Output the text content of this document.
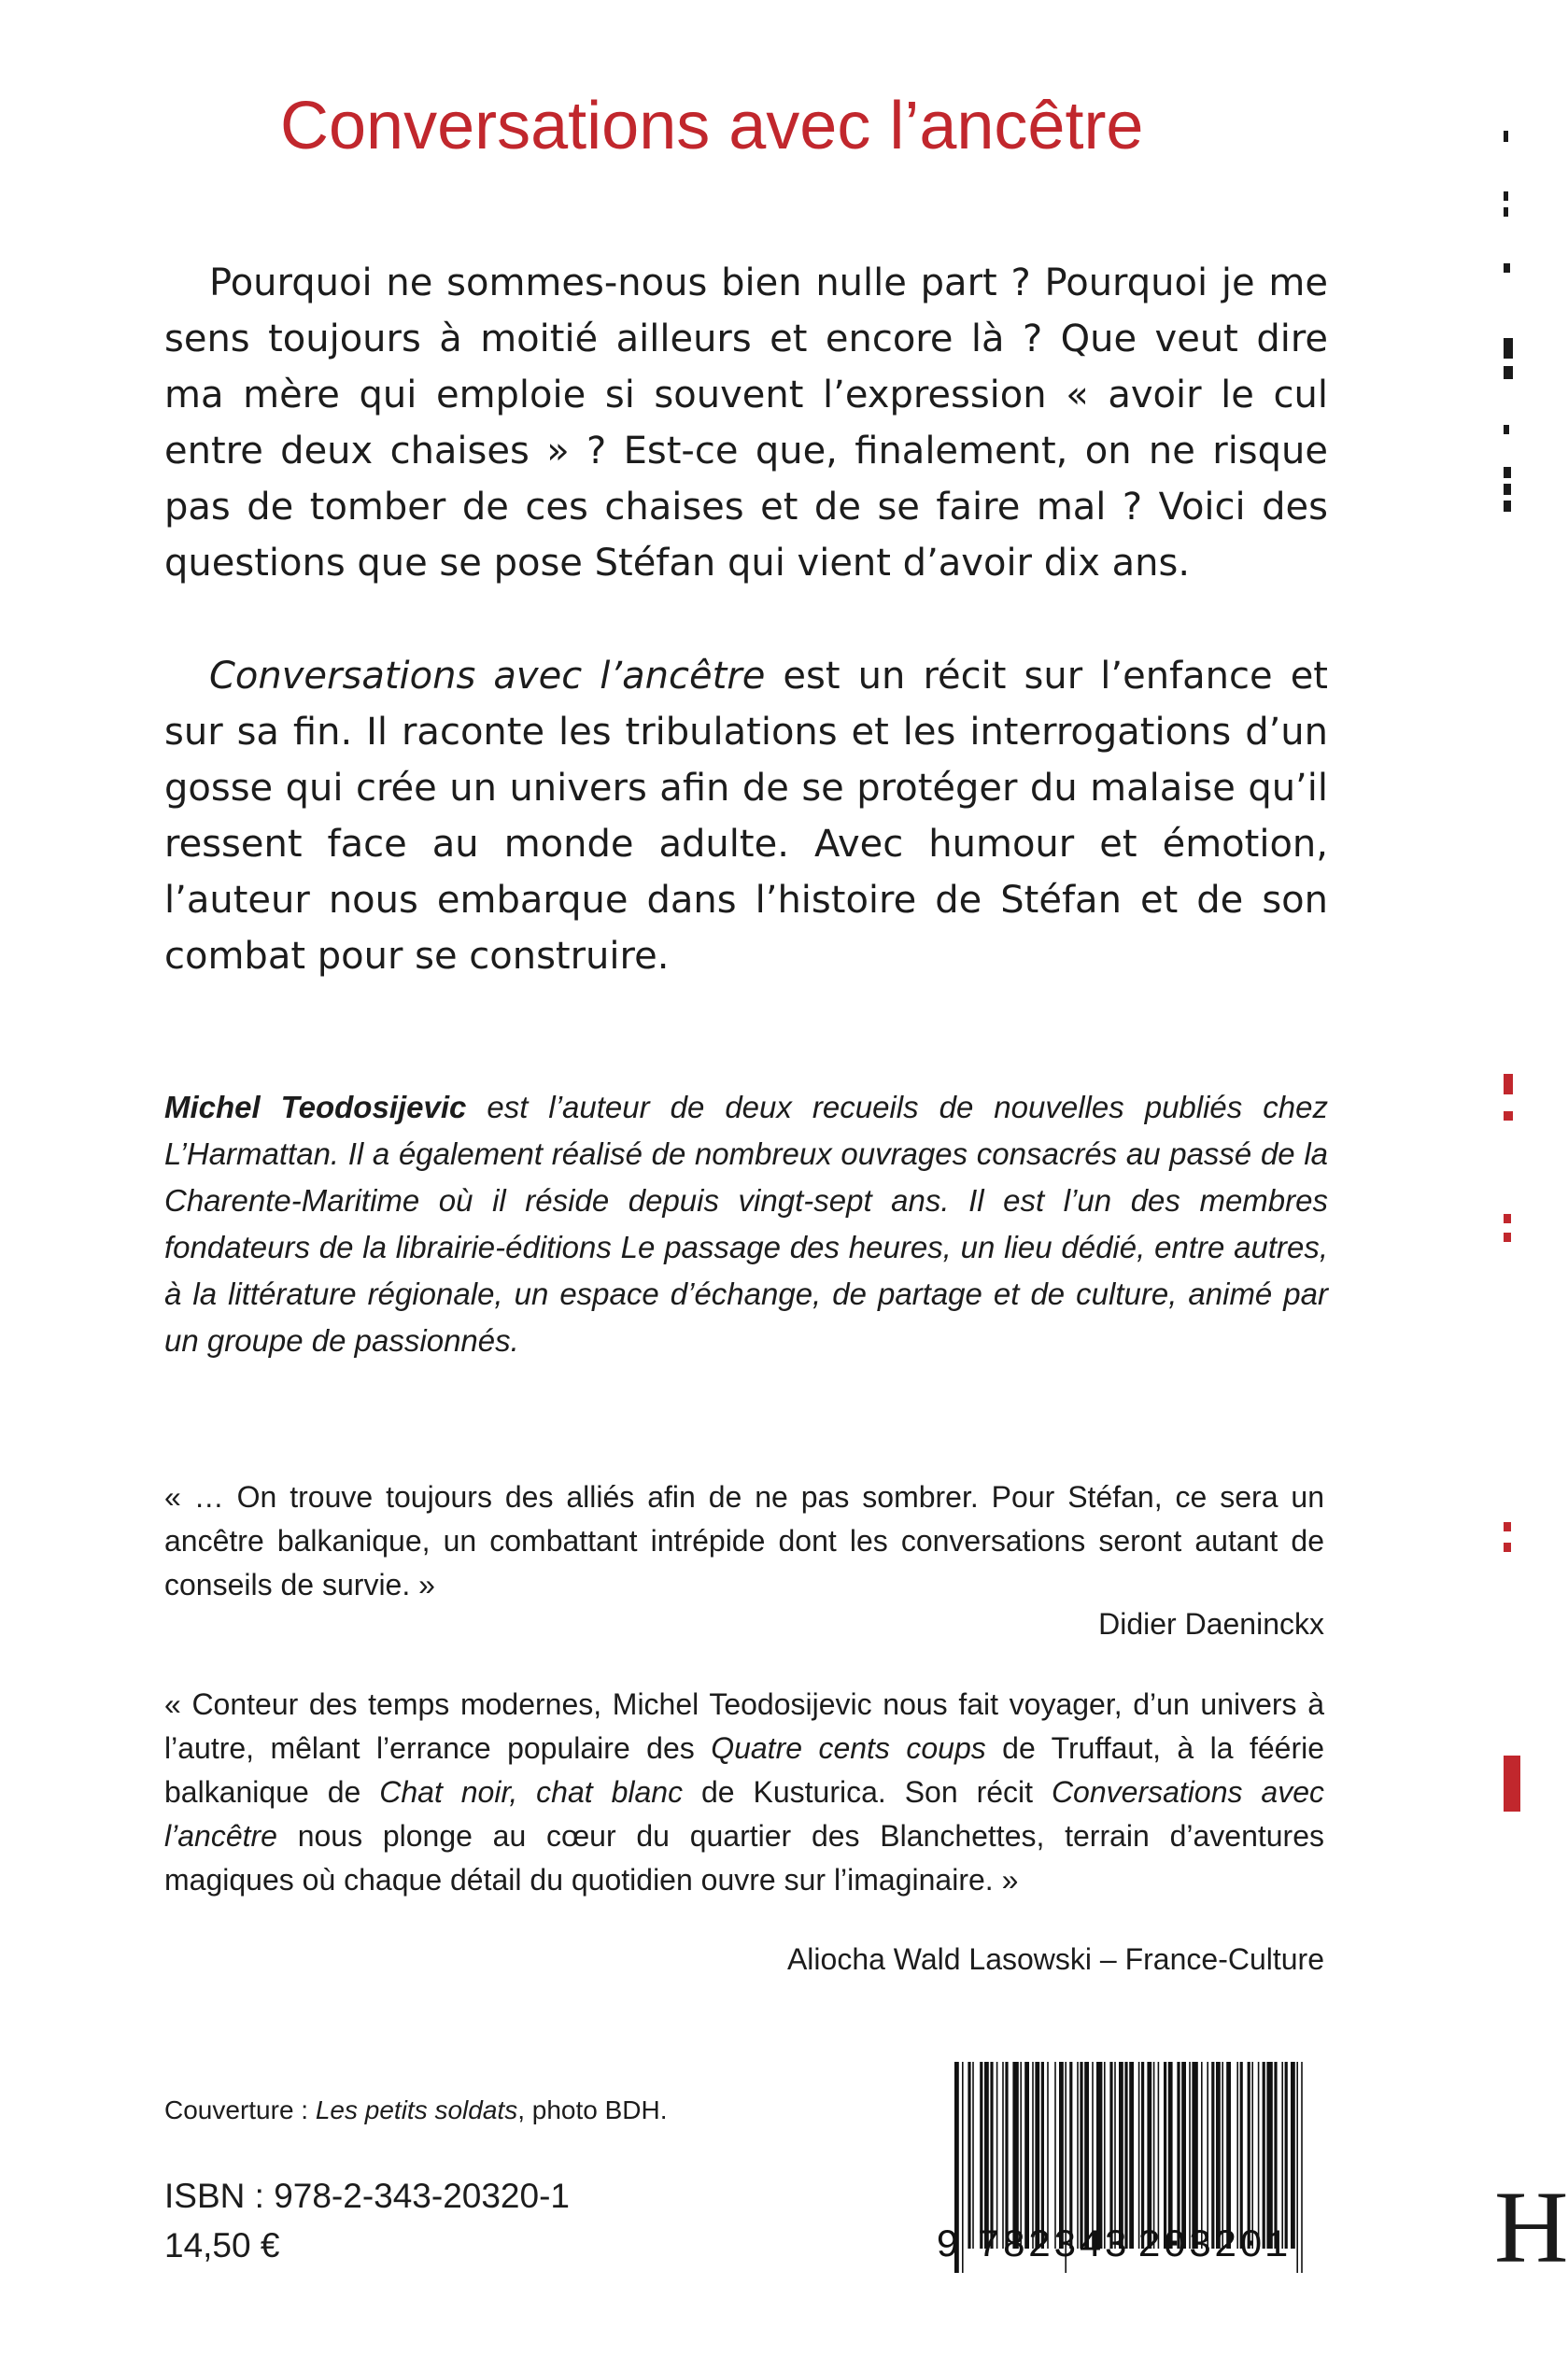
Conversations avec l’ancêtre

Pourquoi ne sommes-nous bien nulle part ? Pourquoi je me sens toujours à moitié ailleurs et encore là ? Que veut dire ma mère qui emploie si souvent l’expression « avoir le cul entre deux chaises » ? Est-ce que, finalement, on ne risque pas de tomber de ces chaises et de se faire mal ? Voici des questions que se pose Stéfan qui vient d’avoir dix ans.

Conversations avec l’ancêtre est un récit sur l’enfance et sur sa fin. Il raconte les tribulations et les interrogations d’un gosse qui crée un univers afin de se protéger du malaise qu’il ressent face au monde adulte. Avec humour et émotion, l’auteur nous embarque dans l’histoire de Stéfan et de son combat pour se construire.

Michel Teodosijevic est l’auteur de deux recueils de nouvelles publiés chez L’Harmattan. Il a également réalisé de nombreux ouvrages consacrés au passé de la Charente-Maritime où il réside depuis vingt-sept ans. Il est l’un des membres fondateurs de la librairie-éditions Le passage des heures, un lieu dédié, entre autres, à la littérature régionale, un espace d’échange, de partage et de culture, animé par un groupe de passionnés.

« … On trouve toujours des alliés afin de ne pas sombrer. Pour Stéfan, ce sera un ancêtre balkanique, un combattant intrépide dont les conversations seront autant de conseils de survie. »

Didier Daeninckx

« Conteur des temps modernes, Michel Teodosijevic nous fait voyager, d’un univers à l’autre, mêlant l’errance populaire des Quatre cents coups de Truffaut, à la féérie balkanique de Chat noir, chat blanc de Kusturica. Son récit Conversations avec l’ancêtre nous plonge au cœur du quartier des Blanchettes, terrain d’aventures magiques où chaque détail du quotidien ouvre sur l’imaginaire. »

Aliocha Wald Lasowski – France-Culture
Couverture : Les petits soldats, photo BDH.
ISBN : 978-2-343-20320-1
14,50 €	9 782343 203201 H
